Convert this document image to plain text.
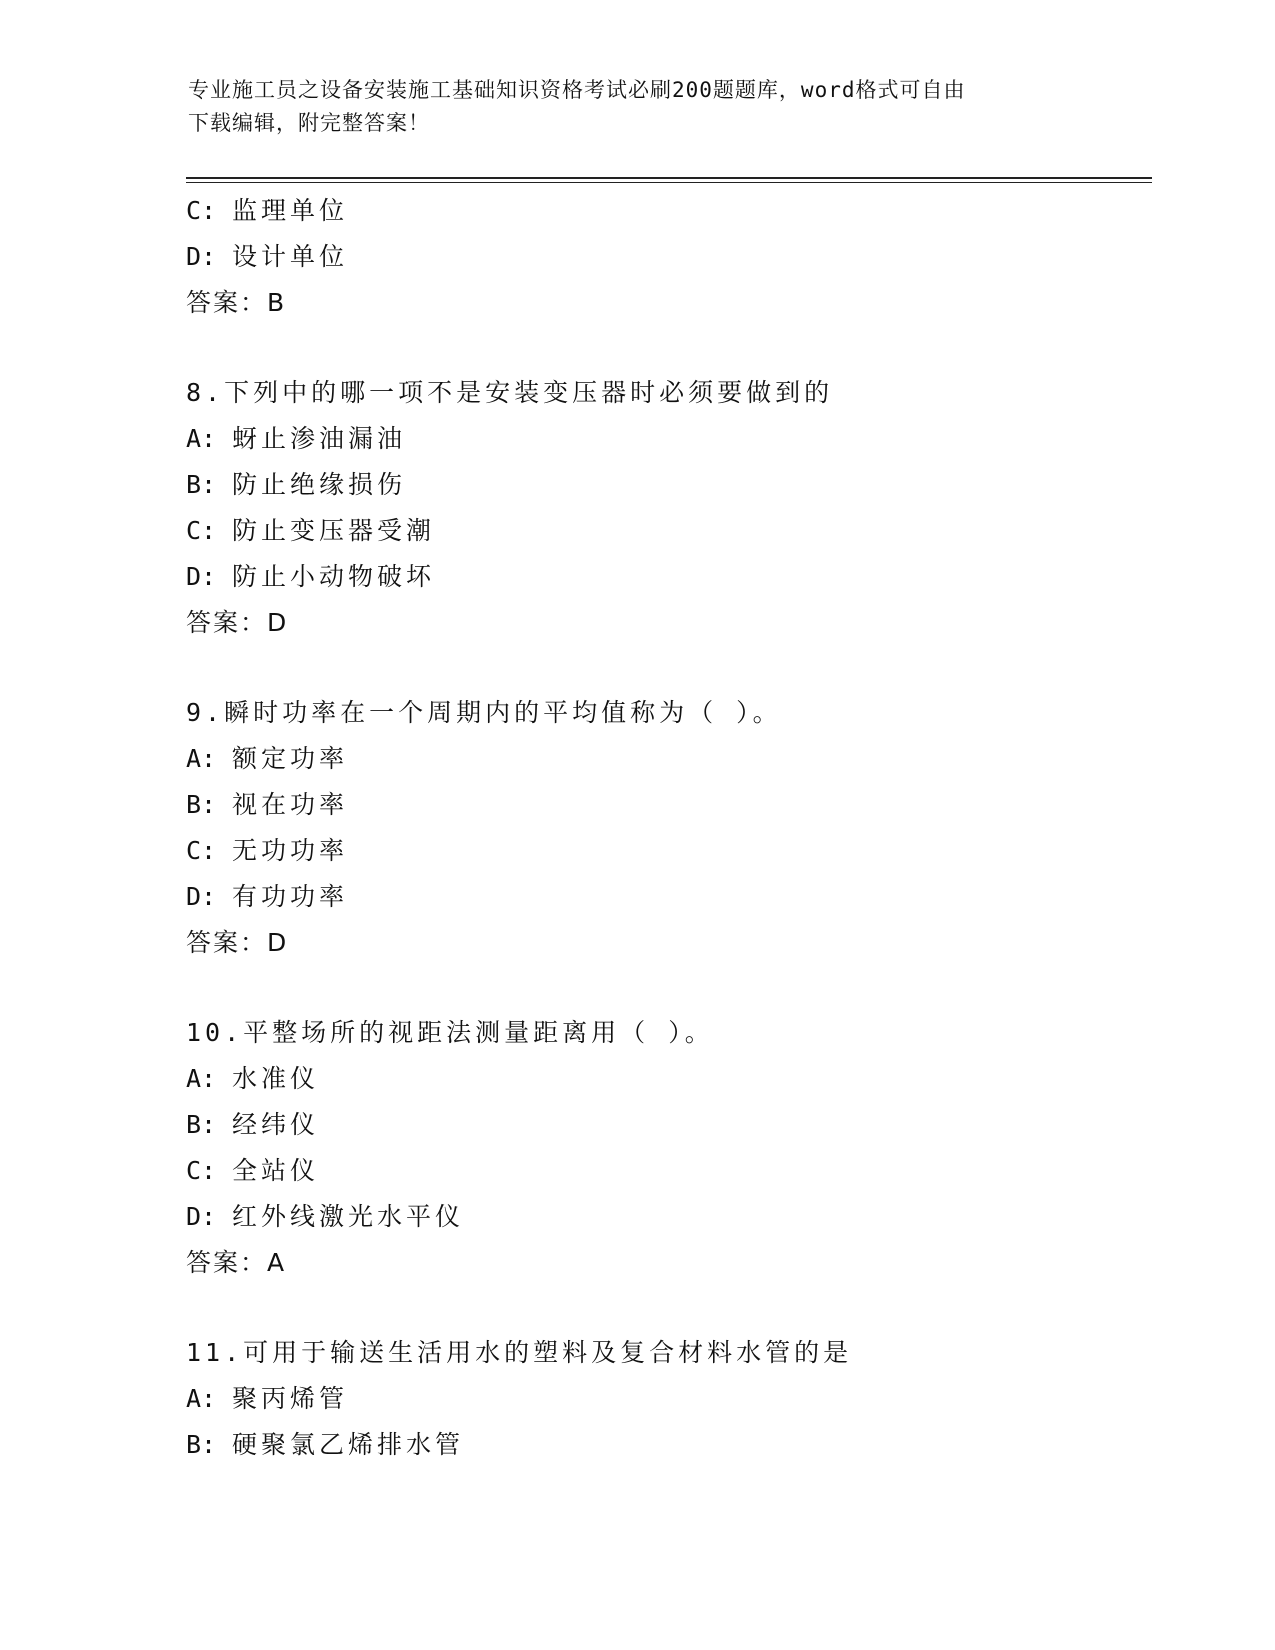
专业施工员之设备安装施工基础知识资格考试必刷200题题库，word格式可自由
下载编辑，附完整答案！
C: 监理单位
D: 设计单位
答案：B
8.下列中的哪一项不是安装变压器时必须要做到的
A: 蚜止渗油漏油
B: 防止绝缘损伤
C: 防止变压器受潮
D: 防止小动物破坏
答案：D
9.瞬时功率在一个周期内的平均值称为（ ）。
A: 额定功率
B: 视在功率
C: 无功功率
D: 有功功率
答案：D
10.平整场所的视距法测量距离用（ ）。
A: 水准仪
B: 经纬仪
C: 全站仪
D: 红外线激光水平仪
答案：A
11.可用于输送生活用水的塑料及复合材料水管的是
A: 聚丙烯管
B: 硬聚氯乙烯排水管
